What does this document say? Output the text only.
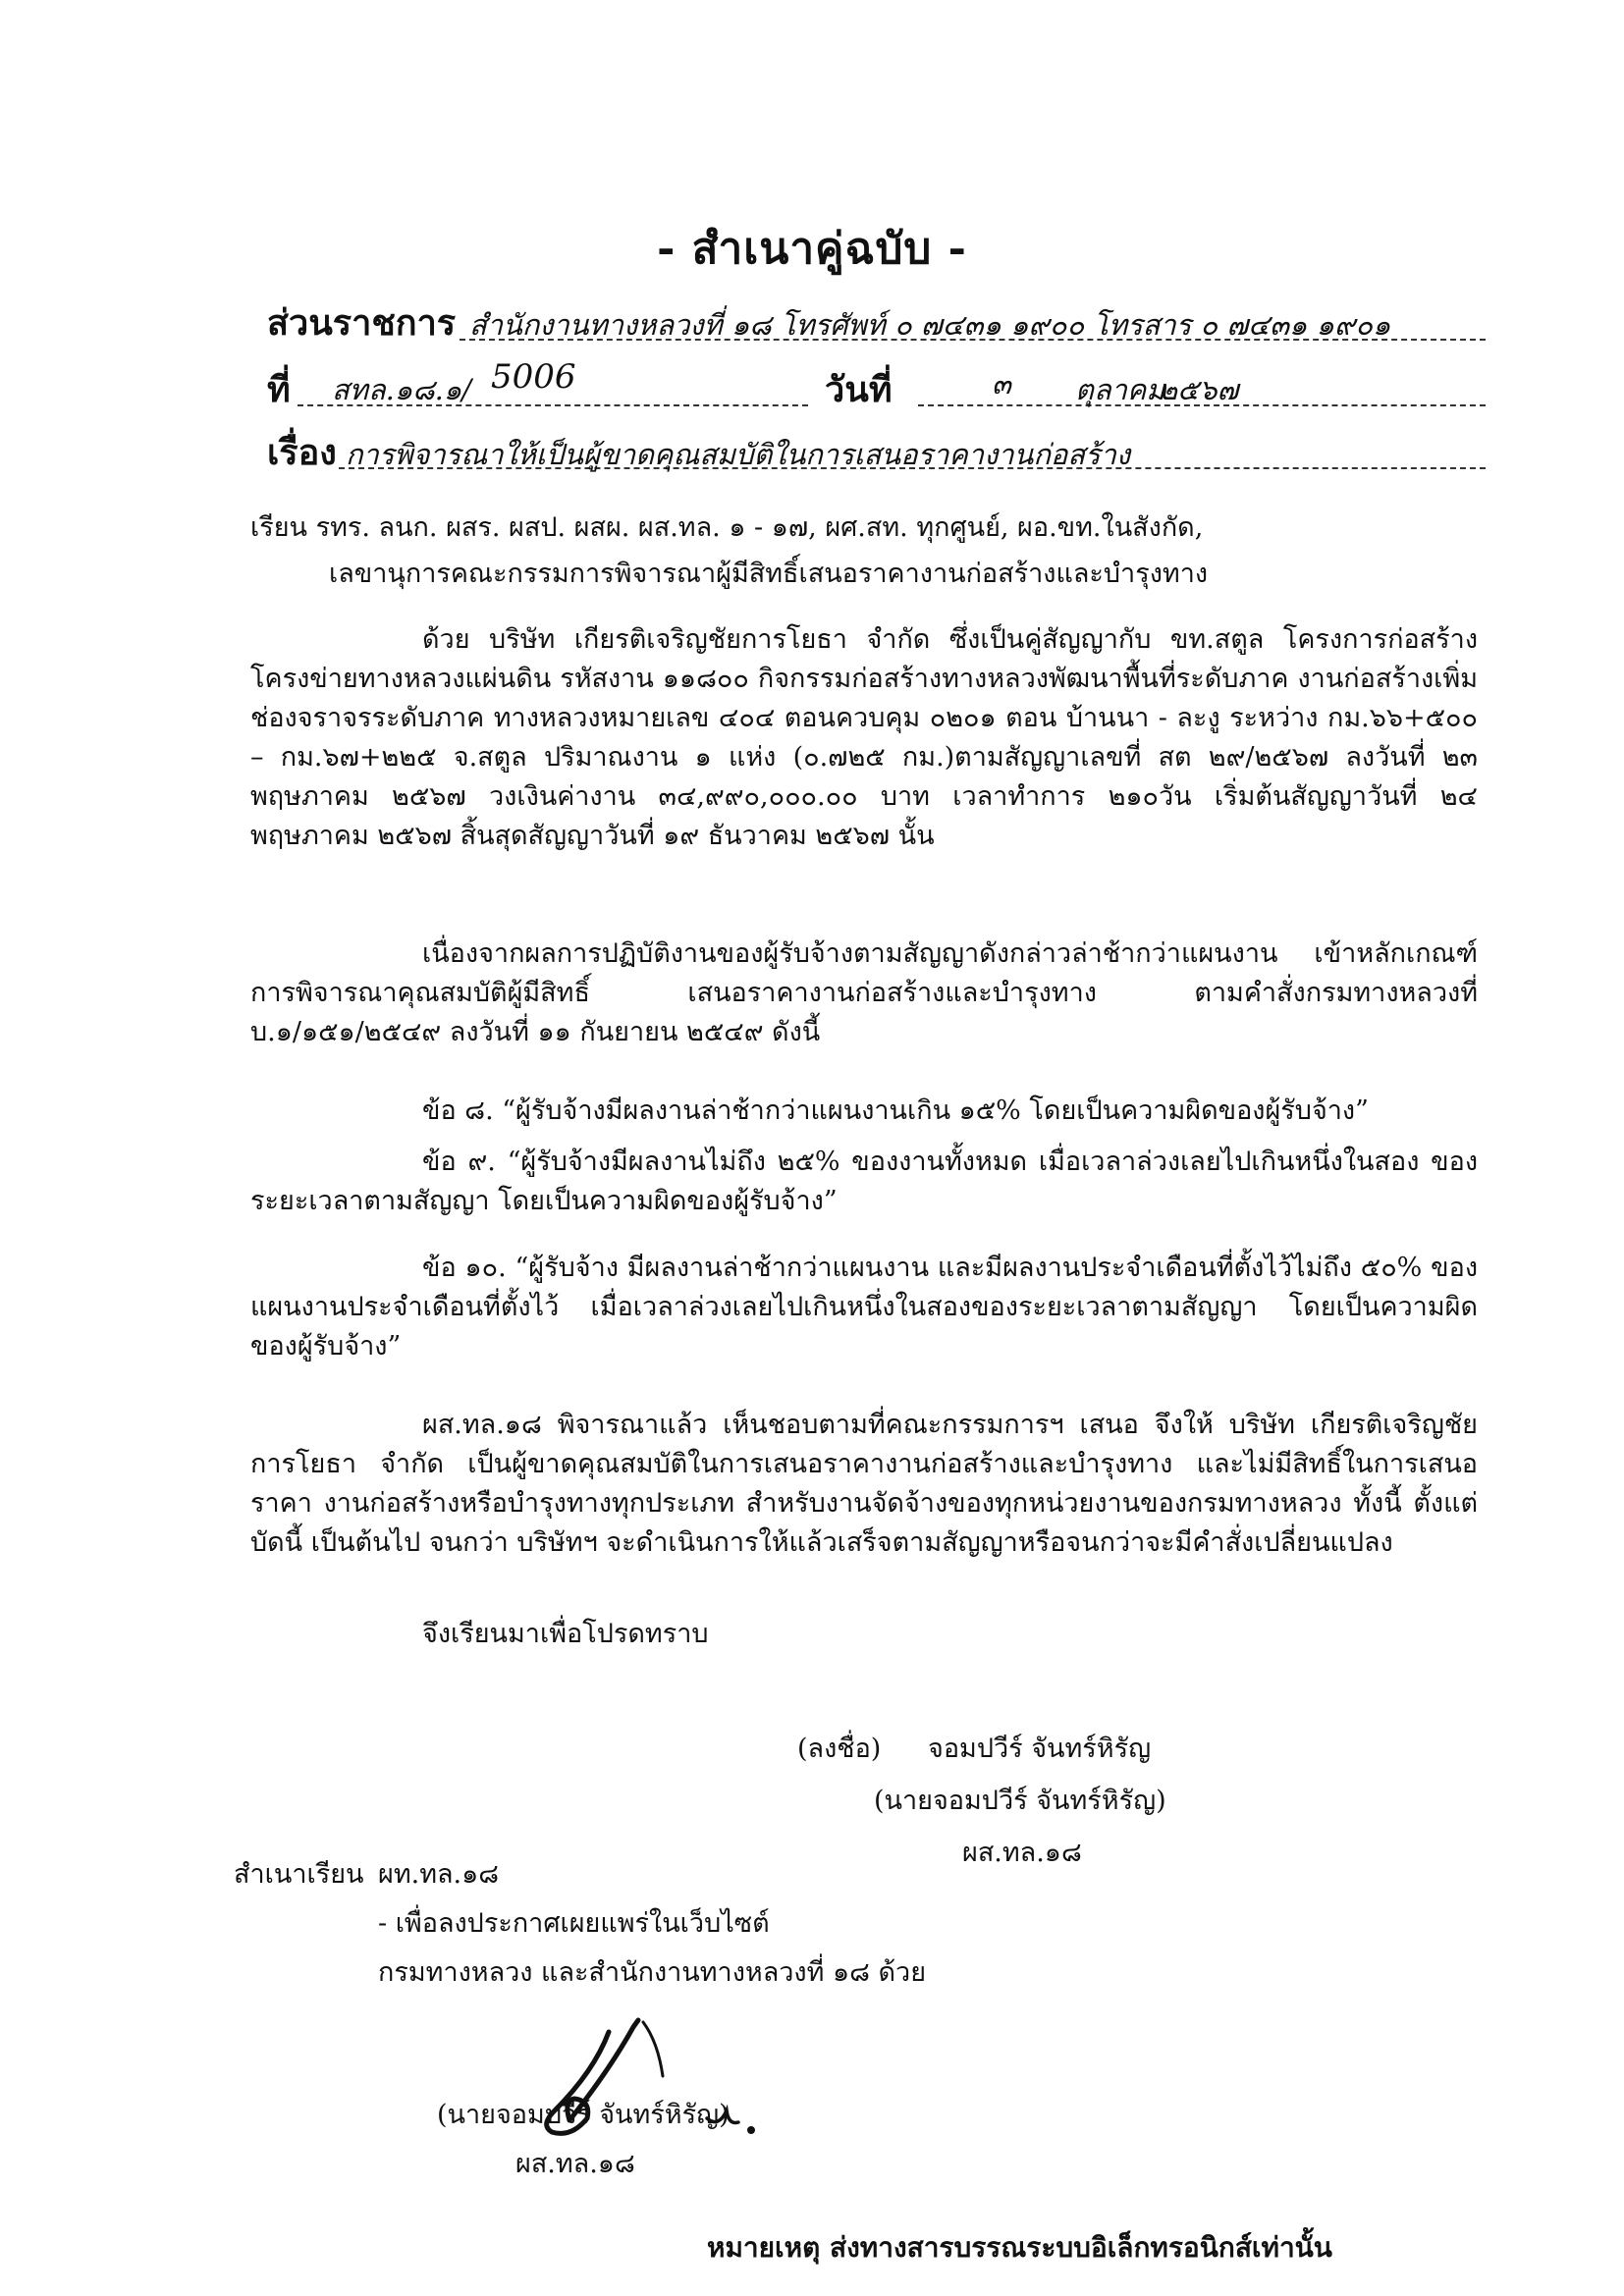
- สำเนาคู่ฉบับ -
ส่วนราชการ สำนักงานทางหลวงที่ ๑๘ โทรศัพท์ ๐ ๗๔๓๑ ๑๙๐๐ โทรสาร ๐ ๗๔๓๑ ๑๙๐๑
ที่ สทล.๑๘.๑/ 5006	วันที่	๓ ตุลาคม
๒๕๖๗
เรื่อง การพิจารณาให้เป็นผู้ขาดคุณสมบัติในการเสนอราคางานก่อสร้าง
เรียน รทร. ลนก. ผสร. ผสป. ผสผ. ผส.ทล. ๑ - ๑๗, ผศ.สท. ทุกศูนย์, ผอ.ขท.ในสังกัด,
เลขานุการคณะกรรมการพิจารณาผู้มีสิทธิ์เสนอราคางานก่อสร้างและบำรุงทาง
ด้วย บริษัท เกียรติเจริญชัยการโยธา จำกัด ซึ่งเป็นคู่สัญญากับ ขท.สตูล โครงการก่อสร้าง โครงข่ายทางหลวงแผ่นดิน รหัสงาน ๑๑๘๐๐ กิจกรรมก่อสร้างทางหลวงพัฒนาพื้นที่ระดับภาค งานก่อสร้างเพิ่มช่องจราจรระดับภาค ทางหลวงหมายเลข ๔๐๔ ตอนควบคุม ๐๒๐๑ ตอน บ้านนา - ละงู ระหว่าง กม.๖๖+๕๐๐ – กม.๖๗+๒๒๕ จ.สตูล ปริมาณงาน ๑ แห่ง (๐.๗๒๕ กม.)ตามสัญญาเลขที่ สต ๒๙/๒๕๖๗ ลงวันที่ ๒๓ พฤษภาคม ๒๕๖๗ วงเงินค่างาน ๓๔,๙๙๐,๐๐๐.๐๐ บาท เวลาทำการ ๒๑๐วัน เริ่มต้นสัญญาวันที่ ๒๔ พฤษภาคม ๒๕๖๗ สิ้นสุดสัญญาวันที่ ๑๙ ธันวาคม ๒๕๖๗ นั้น
เนื่องจากผลการปฏิบัติงานของผู้รับจ้างตามสัญญาดังกล่าวล่าช้ากว่าแผนงาน เข้าหลักเกณฑ์ การพิจารณาคุณสมบัติผู้มีสิทธิ์ เสนอราคางานก่อสร้างและบำรุงทาง ตามคำสั่งกรมทางหลวงที่ บ.๑/๑๕๑/๒๕๔๙ ลงวันที่ ๑๑ กันยายน ๒๕๔๙ ดังนี้
ข้อ ๘. “ผู้รับจ้างมีผลงานล่าช้ากว่าแผนงานเกิน ๑๕% โดยเป็นความผิดของผู้รับจ้าง”
ข้อ ๙. “ผู้รับจ้างมีผลงานไม่ถึง ๒๕% ของงานทั้งหมด เมื่อเวลาล่วงเลยไปเกินหนึ่งในสอง ของระยะเวลาตามสัญญา โดยเป็นความผิดของผู้รับจ้าง”
ข้อ ๑๐. “ผู้รับจ้าง มีผลงานล่าช้ากว่าแผนงาน และมีผลงานประจำเดือนที่ตั้งไว้ไม่ถึง ๕๐% ของแผนงานประจำเดือนที่ตั้งไว้ เมื่อเวลาล่วงเลยไปเกินหนึ่งในสองของระยะเวลาตามสัญญา โดยเป็นความผิด ของผู้รับจ้าง”
ผส.ทล.๑๘ พิจารณาแล้ว เห็นชอบตามที่คณะกรรมการฯ เสนอ จึงให้ บริษัท เกียรติเจริญชัย การโยธา จำกัด เป็นผู้ขาดคุณสมบัติในการเสนอราคางานก่อสร้างและบำรุงทาง และไม่มีสิทธิ์ในการเสนอราคา งานก่อสร้างหรือบำรุงทางทุกประเภท สำหรับงานจัดจ้างของทุกหน่วยงานของกรมทางหลวง ทั้งนี้ ตั้งแต่บัดนี้ เป็นต้นไป จนกว่า บริษัทฯ จะดำเนินการให้แล้วเสร็จตามสัญญาหรือจนกว่าจะมีคำสั่งเปลี่ยนแปลง
จึงเรียนมาเพื่อโปรดทราบ
(ลงชื่อ) จอมปวีร์ จันทร์หิรัญ
(นายจอมปวีร์ จันทร์หิรัญ)
ผส.ทล.๑๘
สำเนาเรียน ผท.ทล.๑๘
- เพื่อลงประกาศเผยแพร่ในเว็บไซต์
กรมทางหลวง และสำนักงานทางหลวงที่ ๑๘ ด้วย
(นายจอมปวีร์ จันทร์หิรัญ)
ผส.ทล.๑๘
หมายเหตุ ส่งทางสารบรรณระบบอิเล็กทรอนิกส์เท่านั้น
